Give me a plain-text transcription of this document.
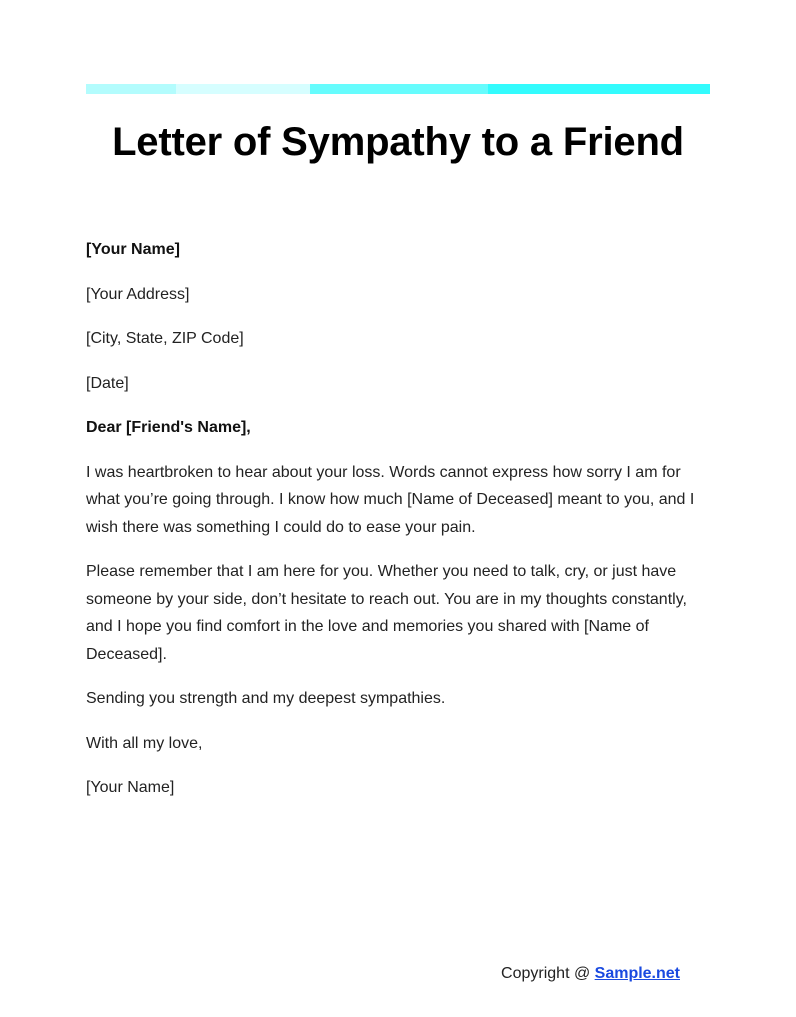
Letter of Sympathy to a Friend

[Your Name]

[Your Address]

[City, State, ZIP Code]

[Date]

Dear [Friend's Name],

I was heartbroken to hear about your loss. Words cannot express how sorry I am for what you’re going through. I know how much [Name of Deceased] meant to you, and I wish there was something I could do to ease your pain.

Please remember that I am here for you. Whether you need to talk, cry, or just have someone by your side, don’t hesitate to reach out. You are in my thoughts constantly, and I hope you find comfort in the love and memories you shared with [Name of Deceased].

Sending you strength and my deepest sympathies.

With all my love,

[Your Name]

Copyright @ Sample.net
